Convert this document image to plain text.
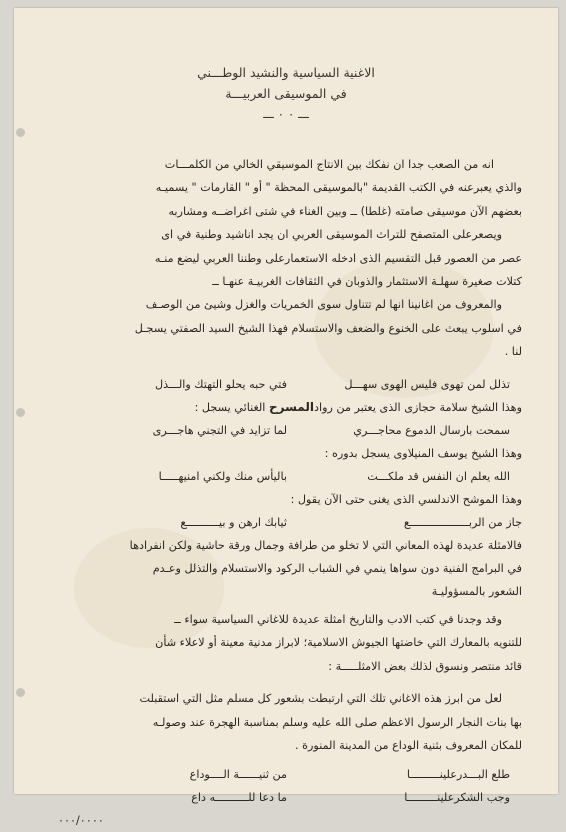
الاغنية السياسية والنشيد الوطـــني
في الموسيقى العربيـــة
ـــ ٠ ٠ ـــ

انه من الصعب جدا ان نفكك بين الانتاج الموسيقي الخالي من الكلمـــات

والذي يعبرعنه في الكتب القديمة "بالموسيقى المحظة " أو " القارمات " يسميـه

بعضهم الآن موسيقى صامته (غلطا) ــ وبين الغناء في شتى اغراضــه ومشاربه

ويصعرعلى المتصفح للتراث الموسيقى العربي ان يجد اناشيد وطنية في اى

عصر من العصور قبل التقسيم الذى ادخله الاستعمارعلى وطننا العربي ليضع منـه

كتلات صغيرة سهلـة الاستثمار والذوبان في الثقافات الغربيـة عنهـا ــ

والمعروف من اغانينا انها لم تتناول سوى الخمريات والغزل وشيئ من الوصـف

في اسلوب يبعث على الخنوع والضعف والاستسلام فهذا الشيخ السيد الصفتي يسجـل

لنا .

تذلل لمن تهوى فليس الهوى سهـــل
فتي حبه يحلو التهتك والـــذل
وهذا الشيخ سلامة حجازى الذى يعتبر من روادالمسرح الغنائي يسجل :
سمحت بارسال الدموع محاجـــري
لما تزايد في التجني هاجـــرى
وهذا الشيخ يوسف المنيلاوى يسجل بدوره :
الله يعلم ان النفس قد ملكـــت
باليأس منك ولكني امنيهـــــا
وهذا الموشح الاندلسي الذى يغنى حتى الآن يقول :
جاز من الربــــــــــــــــــع
ثيابك ارهن و بيــــــــــع

فالامثلة عديدة لهذه المعاني التي لا تخلو من طرافة وجمال ورقة حاشية ولكن انفرادها

في البرامج الفنية دون سواها ينمي في الشباب الركود والاستسلام والتذلل وعـدم

الشعور بالمسؤوليـة

وقد وجدنا في كتب الادب والتاريخ امثلة عديدة للاغاني السياسية سواء ــ

للتنويه بالمعارك التي خاضتها الجيوش الاسلامية؛ لابراز مدنية معينة أو لاعلاء شأن

قائد منتصر ونسوق لذلك بعض الامثلـــــة :

لعل من ابرز هذه الاغاني تلك التي ارتبطت بشعور كل مسلم مثل التي استقبلت

بها بنات النجار الرسول الاعظم صلى الله عليه وسلم بمناسبة الهجرة عند وصولـه

للمكان المعروف بثنية الوداع من المدينة المنورة .

طلع البـــدرعلينـــــــــا
من ثنيــــــة الــــوداع
وجب الشكرعلينـــــــــا
ما دعا للــــــــــه داع
٠٠٠/٠٠٠٠
